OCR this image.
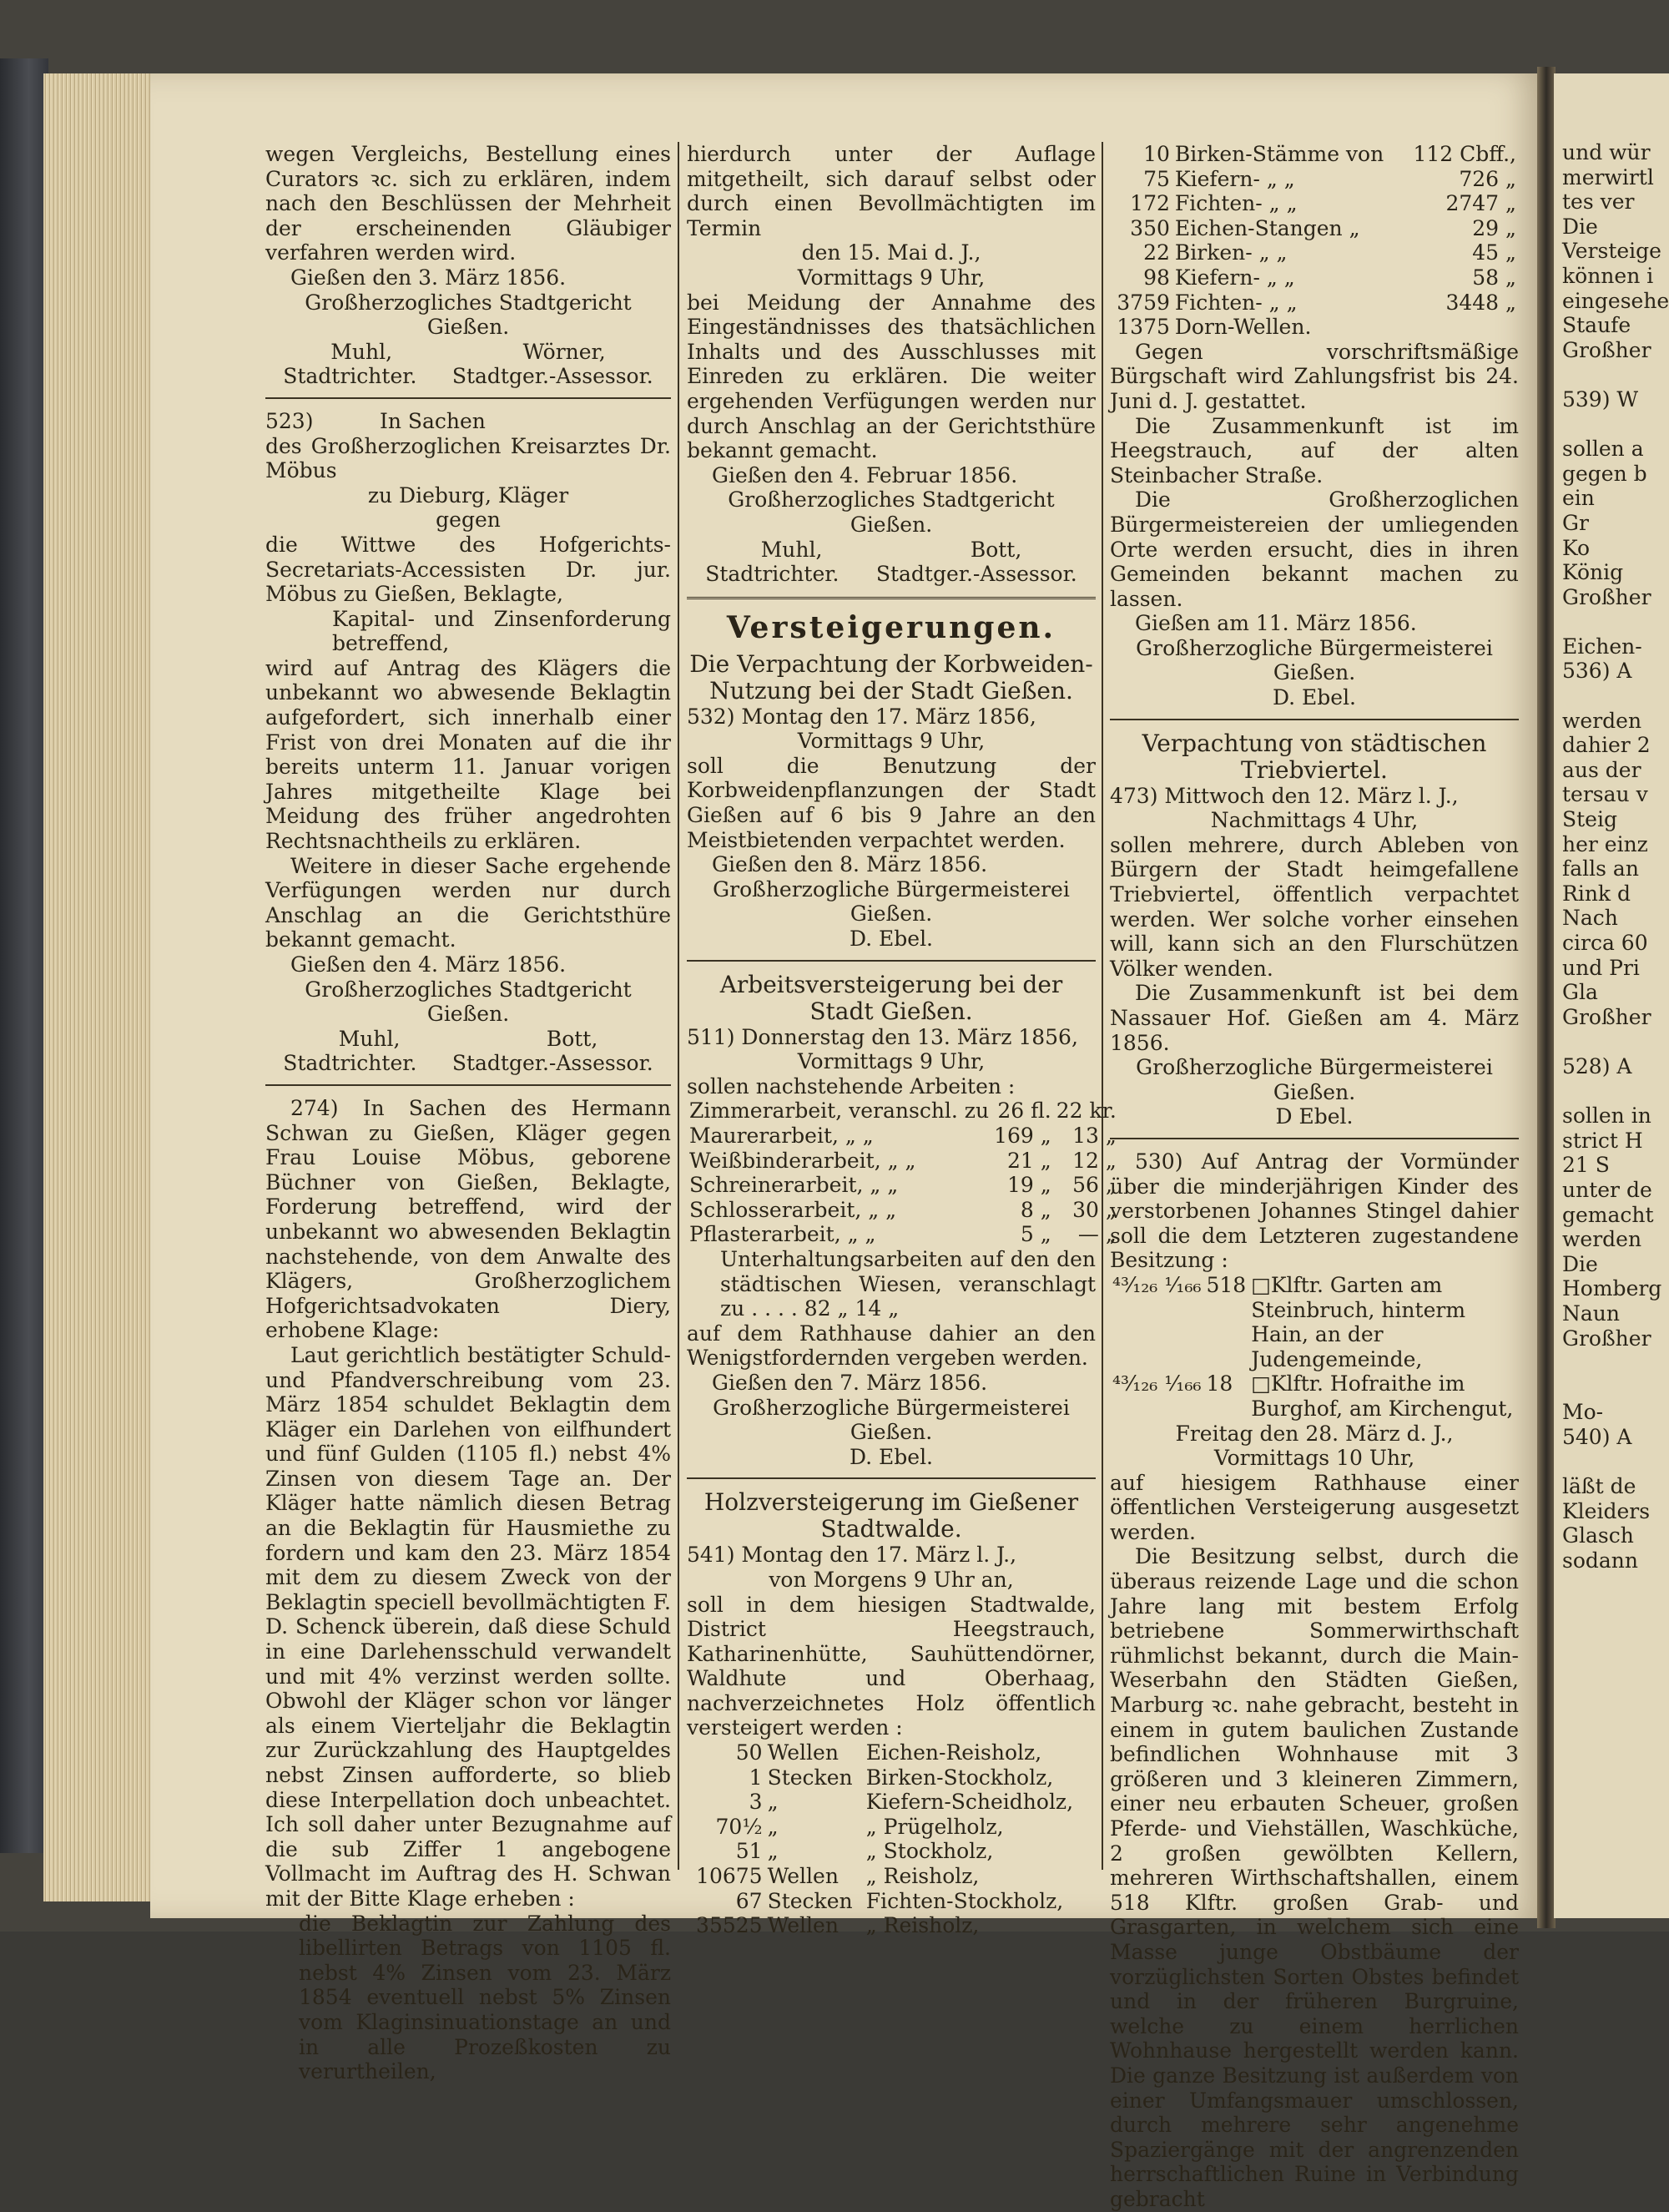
und wür
merwirtl
tes ver
Die
Versteige
können i
eingesehe
Staufe
Großher

539) W

sollen a
gegen b
ein
Gr
Ko
König
Großher

Eichen-
536) A

werden
dahier 2
aus der
tersau v
Steig
her einz
falls an
Rink d
Nach
circa 60
und Pri
Gla
Großher

528) A

sollen in
strict H
21 S
unter de
gemacht
werden
Die
Homberg
Naun
Großher

Mo-
540) A

läßt de
Kleiders
Glasch
sodann

wegen Vergleichs, Bestellung eines Curators ꝛc. sich zu erklären, indem nach den Beschlüssen der Mehrheit der erscheinenden Gläubiger verfahren werden wird.

Gießen den 3. März 1856.

Großherzogliches Stadtgericht Gießen.

Muhl,	Wörner,
Stadtrichter. Stadtger.-Assessor.

523)          In Sachen

des Großherzoglichen Kreisarztes Dr. Möbus

zu Dieburg, Kläger

gegen

die Wittwe des Hofgerichts-Secretariats-Accessisten Dr. jur. Möbus zu Gießen, Beklagte,

Kapital- und Zinsenforderung betreffend,

wird auf Antrag des Klägers die unbekannt wo abwesende Beklagtin aufgefordert, sich innerhalb einer Frist von drei Monaten auf die ihr bereits unterm 11. Januar vorigen Jahres mitgetheilte Klage bei Meidung des früher angedrohten Rechtsnachtheils zu erklären.

Weitere in dieser Sache ergehende Verfügungen werden nur durch Anschlag an die Gerichtsthüre bekannt gemacht.

Gießen den 4. März 1856.

Großherzogliches Stadtgericht Gießen.

Muhl,	Bott,
Stadtrichter. Stadtger.-Assessor.

274) In Sachen des Hermann Schwan zu Gießen, Kläger gegen Frau Louise Möbus, geborene Büchner von Gießen, Beklagte, Forderung betreffend, wird der unbekannt wo abwesenden Beklagtin nachstehende, von dem Anwalte des Klägers, Großherzoglichem Hofgerichtsadvokaten Diery, erhobene Klage:

Laut gerichtlich bestätigter Schuld- und Pfandverschreibung vom 23. März 1854 schuldet Beklagtin dem Kläger ein Darlehen von eilfhundert und fünf Gulden (1105 fl.) nebst 4% Zinsen von diesem Tage an. Der Kläger hatte nämlich diesen Betrag an die Beklagtin für Hausmiethe zu fordern und kam den 23. März 1854 mit dem zu diesem Zweck von der Beklagtin speciell bevollmächtigten F. D. Schenck überein, daß diese Schuld in eine Darlehensschuld verwandelt und mit 4% verzinst werden sollte. Obwohl der Kläger schon vor länger als einem Vierteljahr die Beklagtin zur Zurückzahlung des Hauptgeldes nebst Zinsen aufforderte, so blieb diese Interpellation doch unbeachtet. Ich soll daher unter Bezugnahme auf die sub Ziffer 1 angebogene Vollmacht im Auftrag des H. Schwan mit der Bitte Klage erheben :

die Beklagtin zur Zahlung des libellirten Betrags von 1105 fl. nebst 4% Zinsen vom 23. März 1854 eventuell nebst 5% Zinsen vom Klaginsinuationstage an und in alle Prozeßkosten zu verurtheilen,

hierdurch unter der Auflage mitgetheilt, sich darauf selbst oder durch einen Bevollmächtigten im Termin

den 15. Mai d. J.,

Vormittags 9 Uhr,

bei Meidung der Annahme des Eingeständnisses des thatsächlichen Inhalts und des Ausschlusses mit Einreden zu erklären. Die weiter ergehenden Verfügungen werden nur durch Anschlag an der Gerichtsthüre bekannt gemacht.

Gießen den 4. Februar 1856.

Großherzogliches Stadtgericht Gießen.

Muhl,	Bott,
Stadtrichter. Stadtger.-Assessor.
Versteigerungen.
Die Verpachtung der Korbweiden-Nutzung bei der Stadt Gießen.

532) Montag den 17. März 1856,

Vormittags 9 Uhr,

soll die Benutzung der Korbweidenpflanzungen der Stadt Gießen auf 6 bis 9 Jahre an den Meistbietenden verpachtet werden.

Gießen den 8. März 1856.

Großherzogliche Bürgermeisterei Gießen.

D. Ebel.

Arbeitsversteigerung bei der Stadt Gießen.

511) Donnerstag den 13. März 1856,

Vormittags 9 Uhr,

sollen nachstehende Arbeiten :

Zimmerarbeit, veranschl. zu	26 fl.	22 kr.
Maurerarbeit, „ „	169 „	13 „
Weißbinderarbeit, „ „	21 „	12 „
Schreinerarbeit, „ „	19 „	56 „
Schlosserarbeit, „ „	8 „	30 „
Pflasterarbeit, „ „	5 „	— „

Unterhaltungsarbeiten auf den den städtischen Wiesen, veranschlagt zu . . . . 82 „ 14 „

auf dem Rathhause dahier an den Wenigstfordernden vergeben werden.

Gießen den 7. März 1856.

Großherzogliche Bürgermeisterei Gießen.

D. Ebel.

Holzversteigerung im Gießener Stadtwalde.

541) Montag den 17. März l. J.,

von Morgens 9 Uhr an,

soll in dem hiesigen Stadtwalde, District Heegstrauch, Katharinenhütte, Sauhüttendörner, Waldhute und Oberhaag, nachverzeichnetes Holz öffentlich versteigert werden :

50	Wellen	Eichen-Reisholz,
1	Stecken	Birken-Stockholz,
3	„	Kiefern-Scheidholz,
70½	„	„ Prügelholz,
51	„	„ Stockholz,
10675	Wellen	„ Reisholz,
67	Stecken	Fichten-Stockholz,
35525	Wellen	„ Reisholz,
10	Birken-Stämme von	112 Cbff.,
75	Kiefern- „ „	726 „
172	Fichten- „ „	2747 „
350	Eichen-Stangen „	29 „
22	Birken- „ „	45 „
98	Kiefern- „ „	58 „
3759	Fichten- „ „	3448 „
1375	Dorn-Wellen.	

Gegen vorschriftsmäßige Bürgschaft wird Zahlungsfrist bis 24. Juni d. J. gestattet.

Die Zusammenkunft ist im Heegstrauch, auf der alten Steinbacher Straße.

Die Großherzoglichen Bürgermeistereien der umliegenden Orte werden ersucht, dies in ihren Gemeinden bekannt machen zu lassen.

Gießen am 11. März 1856.

Großherzogliche Bürgermeisterei Gießen.

D. Ebel.

Verpachtung von städtischen Triebviertel.

473) Mittwoch den 12. März l. J.,

Nachmittags 4 Uhr,

sollen mehrere, durch Ableben von Bürgern der Stadt heimgefallene Triebviertel, öffentlich verpachtet werden. Wer solche vorher einsehen will, kann sich an den Flurschützen Völker wenden.

Die Zusammenkunft ist bei dem Nassauer Hof. Gießen am 4. März 1856.

Großherzogliche Bürgermeisterei Gießen.

D Ebel.

530) Auf Antrag der Vormünder über die minderjährigen Kinder des verstorbenen Johannes Stingel dahier soll die dem Letzteren zugestandene Besitzung :

⁴³⁄₁₂₆ ¹⁄₁₆₆	518	□Klftr. Garten am Steinbruch, hinterm Hain, an der Judengemeinde,
⁴³⁄₁₂₆ ¹⁄₁₆₆	18	□Klftr. Hofraithe im Burghof, am Kirchengut,

Freitag den 28. März d. J.,

Vormittags 10 Uhr,

auf hiesigem Rathhause einer öffentlichen Versteigerung ausgesetzt werden.

Die Besitzung selbst, durch die überaus reizende Lage und die schon Jahre lang mit bestem Erfolg betriebene Sommerwirthschaft rühmlichst bekannt, durch die Main-Weserbahn den Städten Gießen, Marburg ꝛc. nahe gebracht, besteht in einem in gutem baulichen Zustande befindlichen Wohnhause mit 3 größeren und 3 kleineren Zimmern, einer neu erbauten Scheuer, großen Pferde- und Viehställen, Waschküche, 2 großen gewölbten Kellern, mehreren Wirthschaftshallen, einem 518 Klftr. großen Grab- und Grasgarten, in welchem sich eine Masse junge Obstbäume der vorzüglichsten Sorten Obstes befindet und in der früheren Burgruine, welche zu einem herrlichen Wohnhause hergestellt werden kann. Die ganze Besitzung ist außerdem von einer Umfangsmauer umschlossen, durch mehrere sehr angenehme Spaziergänge mit der angrenzenden herrschaftlichen Ruine in Verbindung gebracht
